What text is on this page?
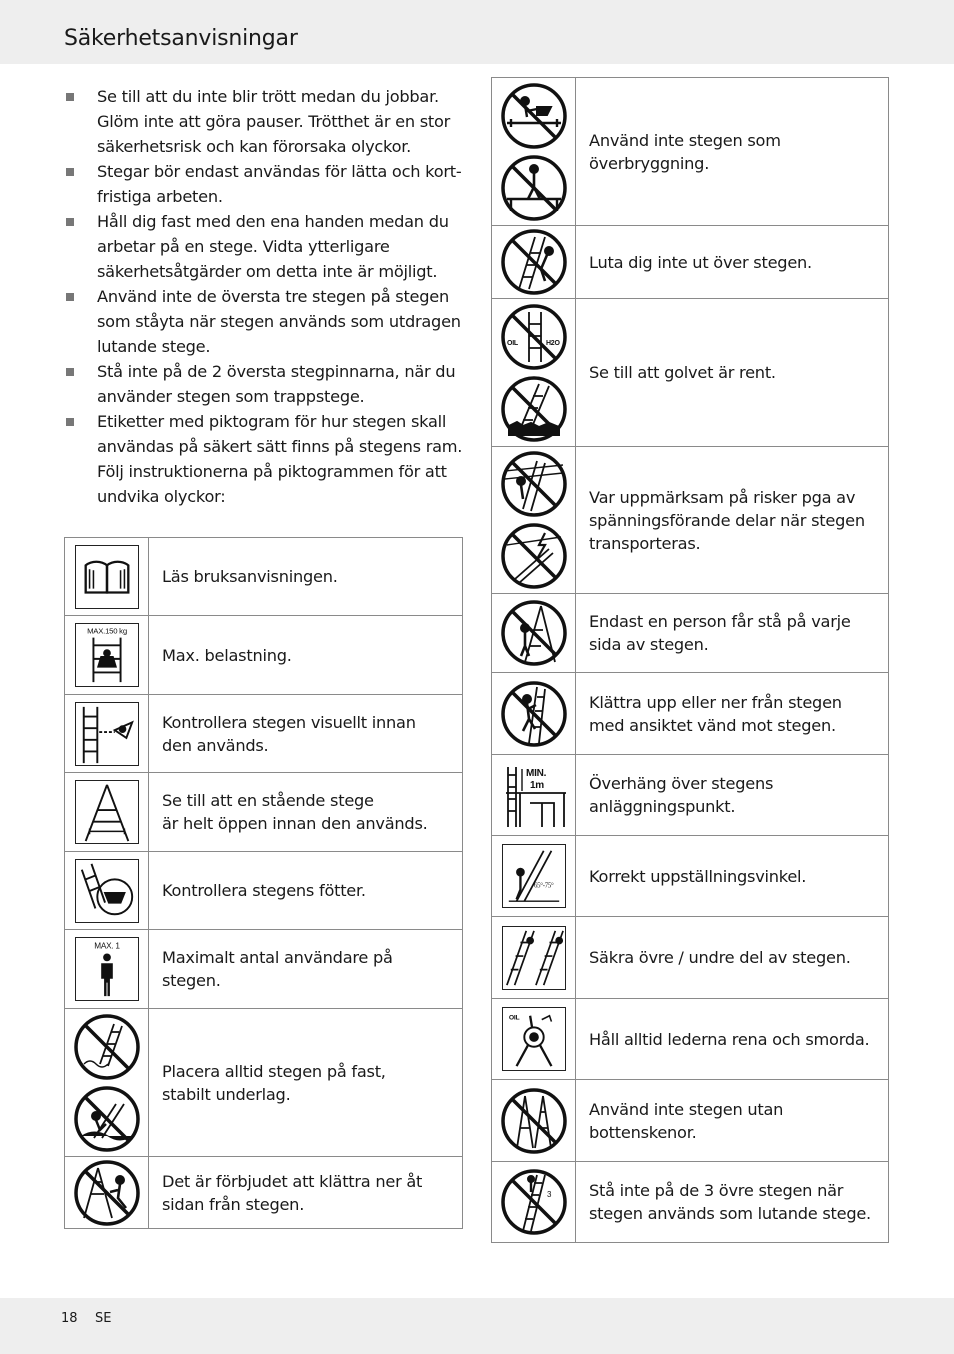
Säkerhetsanvisningar
Se till att du inte blir trött medan du jobbar. Glöm inte att göra pauser. Trötthet är en stor säkerhetsrisk och kan förorsaka olyckor.
Stegar bör endast användas för lätta och kortfristiga arbeten.
Håll dig fast med den ena handen medan du arbetar på en stege. Vidta ytterligare säkerhetsåtgärder om detta inte är möjligt.
Använd inte de översta tre stegen på stegen som ståyta när stegen används som utdragen lutande stege.
Stå inte på de 2 översta stegpinnarna, när du använder stegen som trappstege.
Etiketter med piktogram för hur stegen skall användas på säkert sätt finns på stegens ram. Följ instruktionerna på piktogrammen för att undvika olyckor:
	Läs bruksanvisningen.

MAX.150 kg	Max. belastning.

	Kontrollera stegen visuellt innan den används.

	Se till att en stående stege
är helt öppen innan den används.

	Kontrollera stegens fötter.

MAX. 1	Maximalt antal användare på stegen.

	Placera alltid stegen på fast,
stabilt underlag.

	Det är förbjudet att klättra ner åt sidan från stegen.
	Använd inte stegen som överbryggning.

	Luta dig inte ut över stegen.

OIL H2O	Se till att golvet är rent.

	Var uppmärksam på risker pga av spänningsförande delar när stegen transporteras.

	Endast en person får stå på varje sida av stegen.

	Klättra upp eller ner från stegen med ansiktet vänd mot stegen.

MIN.
1m	Överhäng över stegens anläggningspunkt.

65°-75°	Korrekt uppställningsvinkel.

	Säkra övre / undre del av stegen.

OIL	Håll alltid lederna rena och smorda.

	Använd inte stegen utan bottenskenor.

3	Stå inte på de 3 övre stegen när stegen används som lutande stege.
18 SE
